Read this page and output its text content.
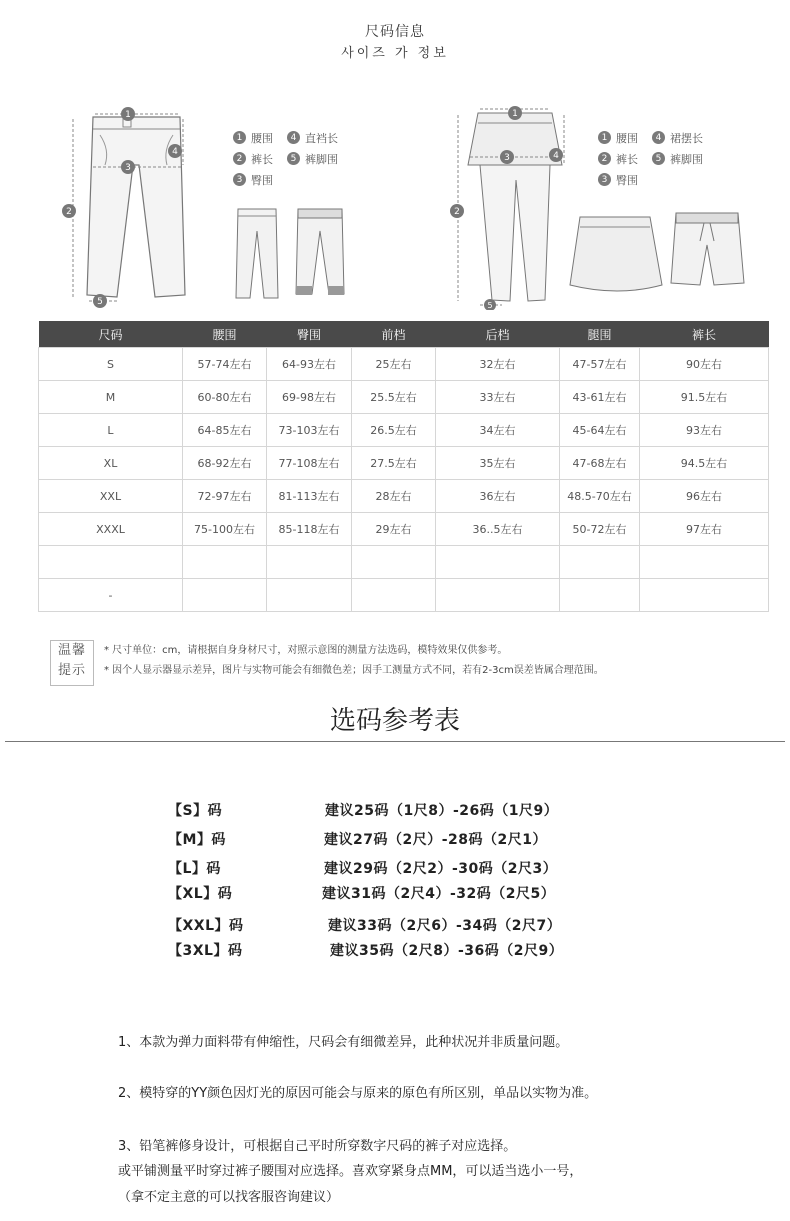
尺码信息
사이즈 가 정보
1
3
2
4
5
1 腰围	4 直裆长
2 裤长	5 裤脚围
3 臀围
1
3
2
4
5
1 腰围	4 裙摆长
2 裤长	5 裤脚围
3 臀围
尺码	腰围	臀围	前档	后档	腿围	裤长
S	57-74左右	64-93左右	25左右	32左右	47-57左右	90左右
M	60-80左右	69-98左右	25.5左右	33左右	43-61左右	91.5左右
L	64-85左右	73-103左右	26.5左右	34左右	45-64左右	93左右
XL	68-92左右	77-108左右	27.5左右	35左右	47-68左右	94.5左右
XXL	72-97左右	81-113左右	28左右	36左右	48.5-70左右	96左右
XXXL	75-100左右	85-118左右	29左右	36..5左右	50-72左右	97左右

-						
温馨
提示
* 尺寸单位：cm，请根据自身身材尺寸，对照示意图的测量方法选码，模特效果仅供参考。
* 因个人显示器显示差异，图片与实物可能会有细微色差；因手工测量方式不同，若有2-3cm误差皆属合理范围。
选码参考表
【S】码	建议25码（1尺8）-26码（1尺9）
【M】码	建议27码（2尺）-28码（2尺1）
【L】码	建议29码（2尺2）-30码（2尺3）
【XL】码	建议31码（2尺4）-32码（2尺5）
【XXL】码	建议33码（2尺6）-34码（2尺7）
【3XL】码	建议35码（2尺8）-36码（2尺9）
1、本款为弹力面料带有伸缩性，尺码会有细微差异，此种状况并非质量问题。
2、模特穿的YY颜色因灯光的原因可能会与原来的原色有所区别，单品以实物为准。
3、铅笔裤修身设计，可根据自己平时所穿数字尺码的裤子对应选择。
或平铺测量平时穿过裤子腰围对应选择。喜欢穿紧身点MM，可以适当选小一号，
（拿不定主意的可以找客服咨询建议）
